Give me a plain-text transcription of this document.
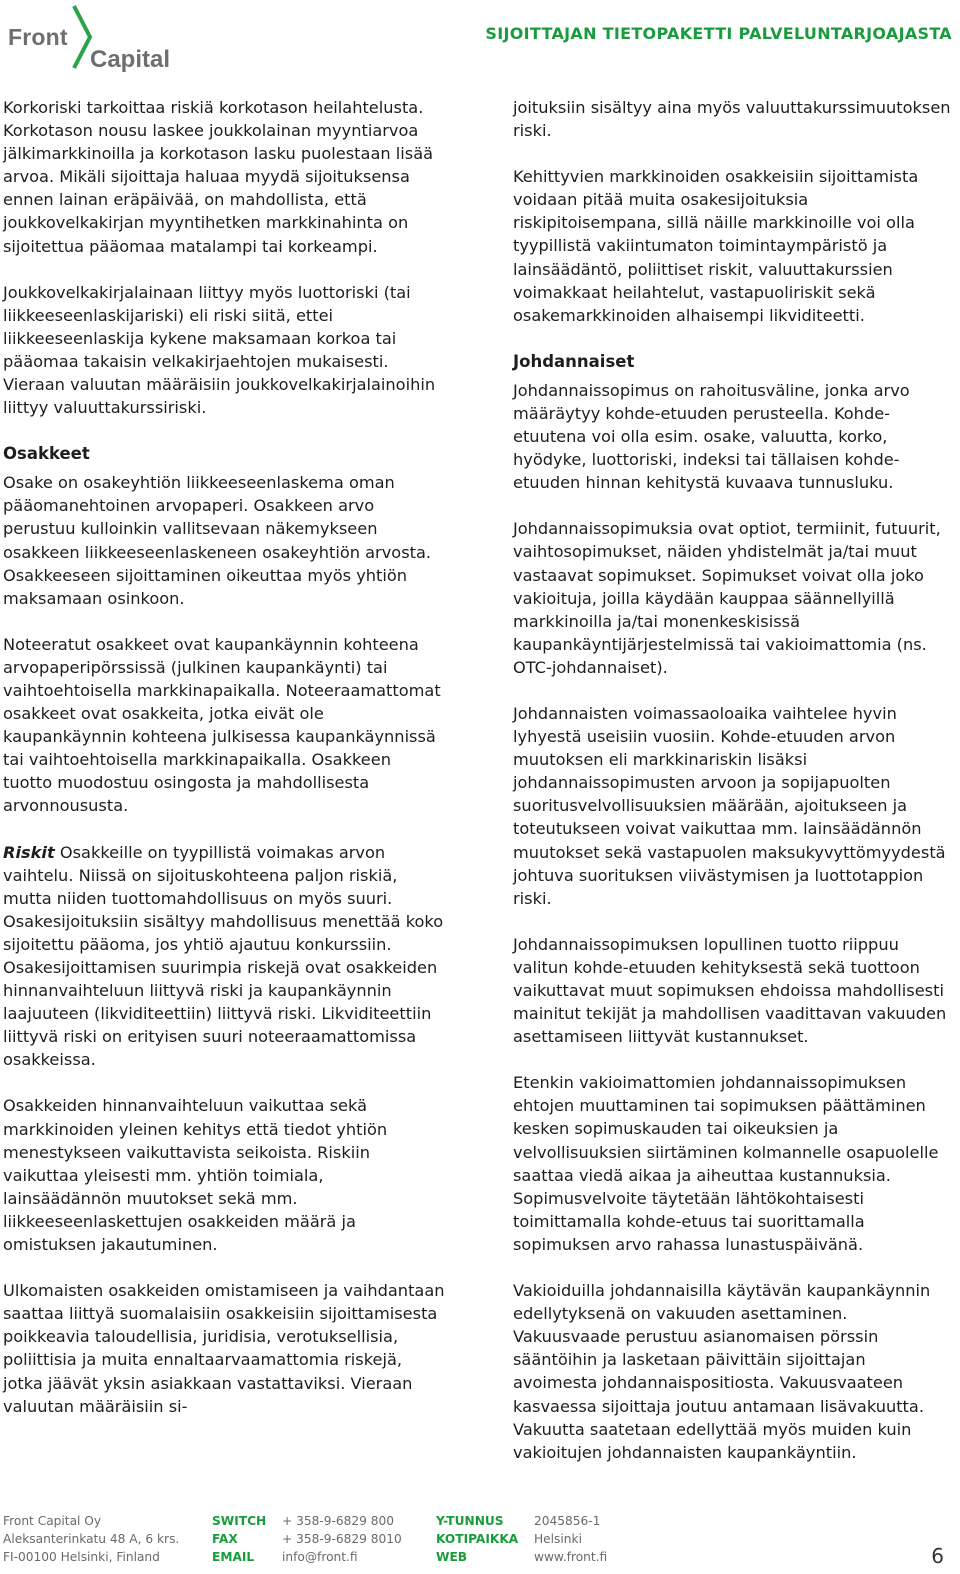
Front
Capital
SIJOITTAJAN TIETOPAKETTI PALVELUNTARJOAJASTA

Korkoriski tarkoittaa riskiä korkotason heilahtelusta. Korkotason nousu laskee joukkolainan myyntiarvoa jälkimarkkinoilla ja korkotason lasku puolestaan lisää arvoa. Mikäli sijoittaja haluaa myydä sijoituksensa ennen lainan eräpäivää, on mahdollista, että joukkovelkakirjan myyntihetken markkinahinta on sijoitettua pääomaa matalampi tai korkeampi.

Joukkovelkakirjalainaan liittyy myös luottoriski (tai liikkeeseenlaskijariski) eli riski siitä, ettei liikkeeseenlaskija kykene maksamaan korkoa tai pääomaa takaisin velkakirjaehtojen mukaisesti. Vieraan valuutan määräisiin joukkovelkakirjalainoihin liittyy valuuttakurssiriski.

Osakkeet

Osake on osakeyhtiön liikkeeseenlaskema oman pääomanehtoinen arvopaperi. Osakkeen arvo perustuu kulloinkin vallitsevaan näkemykseen osakkeen liikkeeseenlaskeneen osakeyhtiön arvosta. Osakkeeseen sijoittaminen oikeuttaa myös yhtiön maksamaan osinkoon.

Noteeratut osakkeet ovat kaupankäynnin kohteena arvopaperipörssissä (julkinen kaupankäynti) tai vaihtoehtoisella markkinapaikalla. Noteeraamattomat osakkeet ovat osakkeita, jotka eivät ole kaupankäynnin kohteena julkisessa kaupankäynnissä tai vaihtoehtoisella markkinapaikalla. Osakkeen tuotto muodostuu osingosta ja mahdollisesta arvonnoususta.

Riskit Osakkeille on tyypillistä voimakas arvon vaihtelu. Niissä on sijoituskohteena paljon riskiä, mutta niiden tuottomahdollisuus on myös suuri. Osakesijoituksiin sisältyy mahdollisuus menettää koko sijoitettu pääoma, jos yhtiö ajautuu konkurssiin. Osakesijoittamisen suurimpia riskejä ovat osakkeiden hinnanvaihteluun liittyvä riski ja kaupankäynnin laajuuteen (likviditeettiin) liittyvä riski. Likviditeettiin liittyvä riski on erityisen suuri noteeraamattomissa osakkeissa.

Osakkeiden hinnanvaihteluun vaikuttaa sekä markkinoiden yleinen kehitys että tiedot yhtiön menestykseen vaikuttavista seikoista. Riskiin vaikuttaa yleisesti mm. yhtiön toimiala, lainsäädännön muutokset sekä mm. liikkeeseenlaskettujen osakkeiden määrä ja omistuksen jakautuminen.

Ulkomaisten osakkeiden omistamiseen ja vaihdantaan saattaa liittyä suomalaisiin osakkeisiin sijoittamisesta poikkeavia taloudellisia, juridisia, verotuksellisia, poliittisia ja muita ennaltaarvaamattomia riskejä, jotka jäävät yksin asiakkaan vastattaviksi. Vieraan valuutan määräisiin si-

joituksiin sisältyy aina myös valuuttakurssimuutoksen riski.

Kehittyvien markkinoiden osakkeisiin sijoittamista voidaan pitää muita osakesijoituksia riskipitoisempana, sillä näille markkinoille voi olla tyypillistä vakiintumaton toimintaympäristö ja lainsäädäntö, poliittiset riskit, valuuttakurssien voimakkaat heilahtelut, vastapuoliriskit sekä osakemarkkinoiden alhaisempi likviditeetti.

Johdannaiset

Johdannaissopimus on rahoitusväline, jonka arvo määräytyy kohde-etuuden perusteella. Kohde-etuutena voi olla esim. osake, valuutta, korko, hyödyke, luottoriski, indeksi tai tällaisen kohde-etuuden hinnan kehitystä kuvaava tunnusluku.

Johdannaissopimuksia ovat optiot, termiinit, futuurit, vaihtosopimukset, näiden yhdistelmät ja/tai muut vastaavat sopimukset. Sopimukset voivat olla joko vakioituja, joilla käydään kauppaa säännellyillä markkinoilla ja/tai monenkeskisissä kaupankäyntijärjestelmissä tai vakioimattomia (ns. OTC-johdannaiset).

Johdannaisten voimassaoloaika vaihtelee hyvin lyhyestä useisiin vuosiin. Kohde-etuuden arvon muutoksen eli markkinariskin lisäksi johdannaissopimusten arvoon ja sopijapuolten suoritusvelvollisuuksien määrään, ajoitukseen ja toteutukseen voivat vaikuttaa mm. lainsäädännön muutokset sekä vastapuolen maksukyvyttömyydestä johtuva suorituksen viivästymisen ja luottotappion riski.

Johdannaissopimuksen lopullinen tuotto riippuu valitun kohde-etuuden kehityksestä sekä tuottoon vaikuttavat muut sopimuksen ehdoissa mahdollisesti mainitut tekijät ja mahdollisen vaadittavan vakuuden asettamiseen liittyvät kustannukset.

Etenkin vakioimattomien johdannaissopimuksen ehtojen muuttaminen tai sopimuksen päättäminen kesken sopimuskauden tai oikeuksien ja velvollisuuksien siirtäminen kolmannelle osapuolelle saattaa viedä aikaa ja aiheuttaa kustannuksia. Sopimusvelvoite täytetään lähtökohtaisesti toimittamalla kohde-etuus tai suorittamalla sopimuksen arvo rahassa lunastuspäivänä.

Vakioiduilla johdannaisilla käytävän kaupankäynnin edellytyksenä on vakuuden asettaminen. Vakuusvaade perustuu asianomaisen pörssin sääntöihin ja lasketaan päivittäin sijoittajan avoimesta johdannaispositiosta. Vakuusvaateen kasvaessa sijoittaja joutuu antamaan lisävakuutta. Vakuutta saatetaan edellyttää myös muiden kuin vakioitujen johdannaisten kaupankäyntiin.

Front Capital Oy
Aleksanterinkatu 48 A, 6 krs.
FI-00100 Helsinki, Finland
SWITCH
FAX
EMAIL
+ 358-9-6829 800
+ 358-9-6829 8010
info@front.fi
Y-TUNNUS
KOTIPAIKKA
WEB
2045856-1
Helsinki
www.front.fi	6
